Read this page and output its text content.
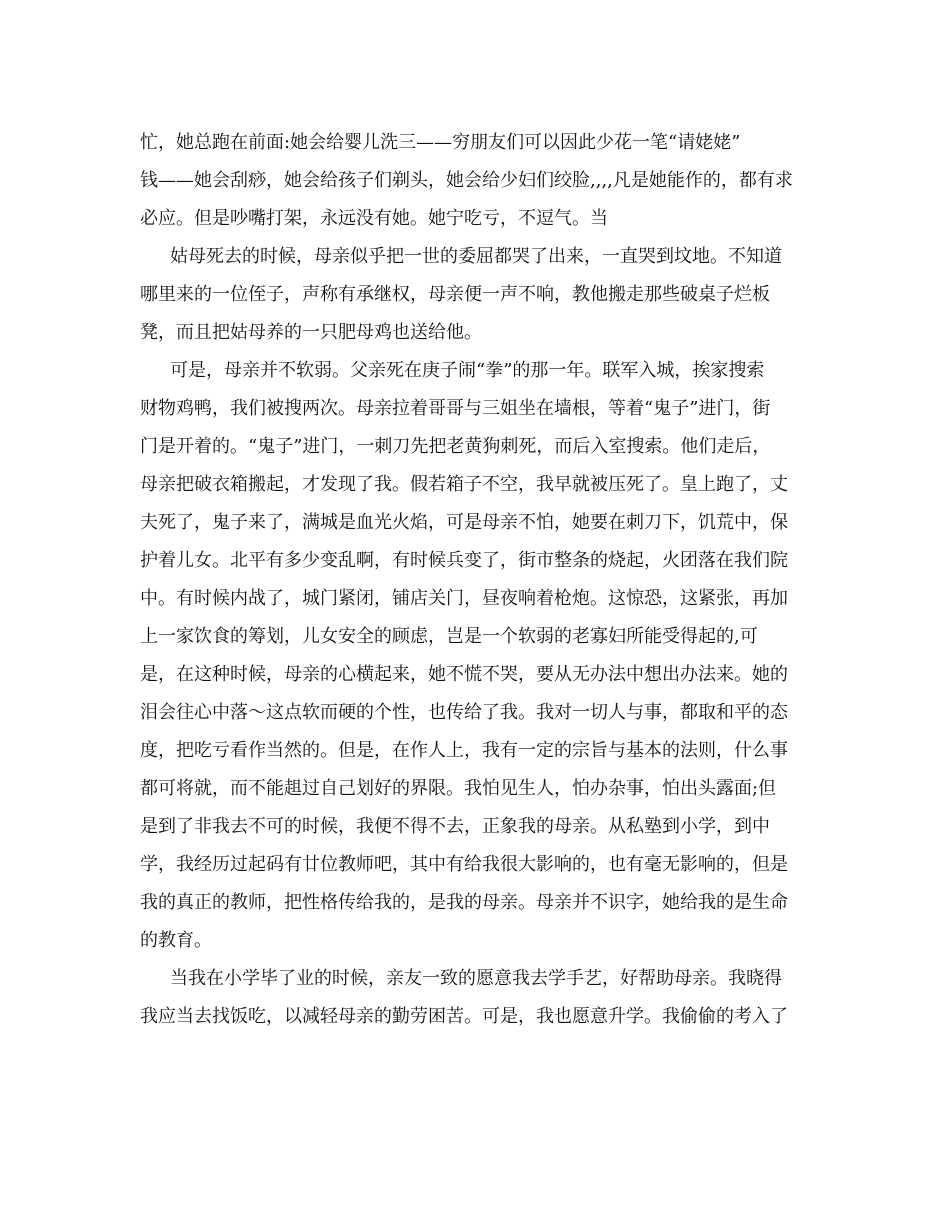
忙，她总跑在前面:她会给婴儿洗三——穷朋友们可以因此少花一笔“请姥姥”
钱——她会刮痧，她会给孩子们剃头，她会给少妇们绞脸,,,,凡是她能作的，都有求
必应。但是吵嘴打架，永远没有她。她宁吃亏，不逗气。当
姑母死去的时候，母亲似乎把一世的委屈都哭了出来，一直哭到坟地。不知道
哪里来的一位侄子，声称有承继权，母亲便一声不响，教他搬走那些破桌子烂板
凳，而且把姑母养的一只肥母鸡也送给他。
可是，母亲并不软弱。父亲死在庚子闹“拳”的那一年。联军入城，挨家搜索
财物鸡鸭，我们被搜两次。母亲拉着哥哥与三姐坐在墙根，等着“鬼子”进门，街
门是开着的。“鬼子”进门，一刺刀先把老黄狗刺死，而后入室搜索。他们走后，
母亲把破衣箱搬起，才发现了我。假若箱子不空，我早就被压死了。皇上跑了，丈
夫死了，鬼子来了，满城是血光火焰，可是母亲不怕，她要在刺刀下，饥荒中，保
护着儿女。北平有多少变乱啊，有时候兵变了，街市整条的烧起，火团落在我们院
中。有时候内战了，城门紧闭，铺店关门，昼夜响着枪炮。这惊恐，这紧张，再加
上一家饮食的筹划，儿女安全的顾虑，岂是一个软弱的老寡妇所能受得起的,可
是，在这种时候，母亲的心横起来，她不慌不哭，要从无办法中想出办法来。她的
泪会往心中落～这点软而硬的个性，也传给了我。我对一切人与事，都取和平的态
度，把吃亏看作当然的。但是，在作人上，我有一定的宗旨与基本的法则，什么事
都可将就，而不能趄过自己划好的界限。我怕见生人，怕办杂事，怕出头露面;但
是到了非我去不可的时候，我便不得不去，正象我的母亲。从私塾到小学，到中
学，我经历过起码有廿位教师吧，其中有给我很大影响的，也有毫无影响的，但是
我的真正的教师，把性格传给我的，是我的母亲。母亲并不识字，她给我的是生命
的教育。
当我在小学毕了业的时候，亲友一致的愿意我去学手艺，好帮助母亲。我晓得
我应当去找饭吃，以减轻母亲的勤劳困苦。可是，我也愿意升学。我偷偷的考入了
